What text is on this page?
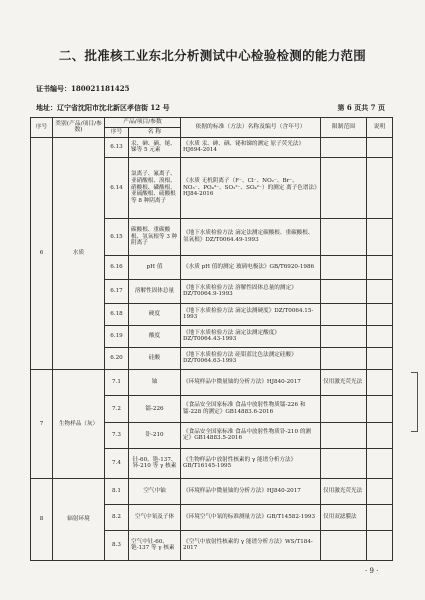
二、批准核工业东北分析测试中心检验检测的能力范围
证书编号：180021181425
地址：辽宁省沈阳市沈北新区孝信街 12 号	第 6 页共 7 页
序号	类别(产品/项目/参数)	产品/项目/参数		依据的标准（方法）名称及编号（含年号）	限制范围	说明
		序号	名 称			
6	水质	6.13	汞、砷、硒、铋、锑等 5 元素	《水质 汞、砷、硒、铋和锑的测定 原子荧光法》HJ694-2014		
		6.14	氯离子、氟离子、亚硝酸根、溴根、硝酸根、磷酸根、亚硫酸根、硫酸根等 8 种阴离子	《水质 无机阴离子（F⁻、Cl⁻、NO₂⁻、Br⁻、NO₃⁻、PO₄³⁻、SO₃²⁻、SO₄²⁻）的测定 离子色谱法》HJ84-2016		
		6.15	碳酸根、重碳酸根、氢氧根等 3 种阴离子	《地下水质检验方法 滴定法测定碳酸根、重碳酸根、氢氧根》DZ/T0064.49-1993		
		6.16	pH 值	《水质 pH 值的测定 玻璃电极法》GB/T6920-1986		
		6.17	溶解性固体总量	《地下水质检验方法 溶解性固体总量的测定》DZ/T0064.9-1993		
		6.18	硬度	《地下水质检验方法 滴定法测硬度》DZ/T0064.15-1993		
		6.19	酸度	《地下水质检验方法 滴定法测定酸度》DZ/T0064.43-1993		
		6.20	硅酸	《地下水质检验方法 硅钼蓝比色法测定硅酸》DZ/T0064.63-1993		
7	生物样品（灰）	7.1	铀	《环境样品中微量铀的分析方法》HJ840-2017	仅用激光荧光法	
		7.2	镭-226	《食品安全国家标准 食品中放射性物质镭-226 和镭-228 的测定》GB14883.6-2016		
		7.3	钋-210	《食品安全国家标准 食品中放射性物质钋-210 的测定》GB14883.5-2016		
		7.4	钍-60、铯-137、钚-210 等 γ 核素	《生物样品中放射性核素的 γ 能谱分析方法》GB/T16145-1995		
8	辐射环境	8.1	空气中铀	《环境样品中微量铀的分析方法》HJ840-2017	仅用激光荧光法	
		8.2	空气中氡及子体	《环境空气中氡的标准测量方法》GB/T14582-1993	仅用双滤膜法	
		8.3	空气中钍-60、铯-137 等 γ 核素	《空气中放射性核素的 γ 能谱分析方法》WS/T184-2017		
· 9 ·
